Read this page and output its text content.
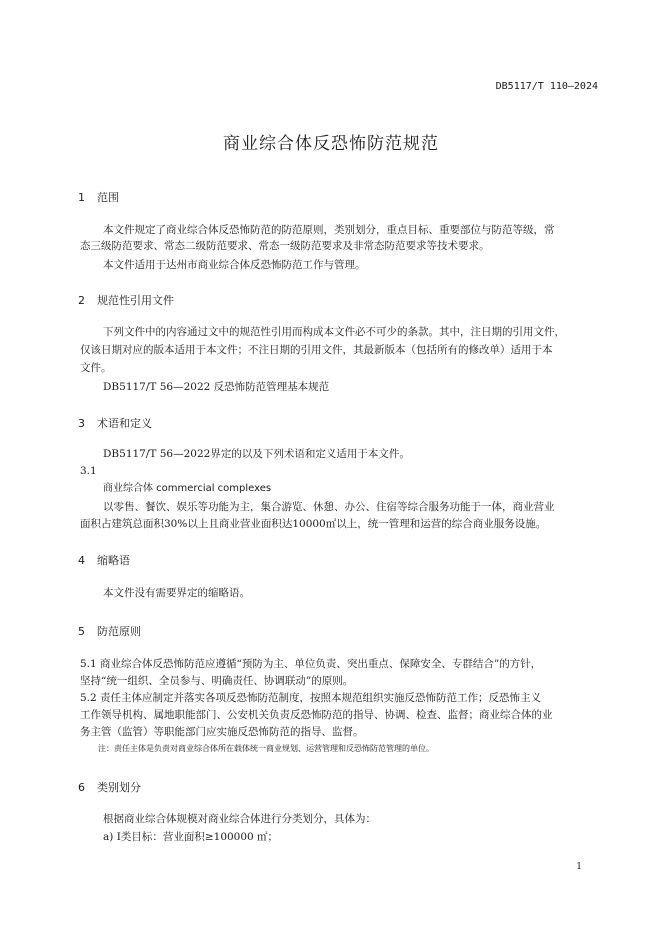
DB5117/T 110—2024
商业综合体反恐怖防范规范
1 范围
本文件规定了商业综合体反恐怖防范的防范原则，类别划分，重点目标、重要部位与防范等级，常
态三级防范要求、常态二级防范要求、常态一级防范要求及非常态防范要求等技术要求。
本文件适用于达州市商业综合体反恐怖防范工作与管理。
2 规范性引用文件
下列文件中的内容通过文中的规范性引用而构成本文件必不可少的条款。其中，注日期的引用文件，
仅该日期对应的版本适用于本文件；不注日期的引用文件，其最新版本（包括所有的修改单）适用于本
文件。
DB5117/T 56—2022 反恐怖防范管理基本规范
3 术语和定义
DB5117/T 56—2022界定的以及下列术语和定义适用于本文件。
3.1
商业综合体 commercial complexes
以零售、餐饮、娱乐等功能为主，集合游览、休憩、办公、住宿等综合服务功能于一体，商业营业
面积占建筑总面积30%以上且商业营业面积达10000㎡以上，统一管理和运营的综合商业服务设施。
4 缩略语
本文件没有需要界定的缩略语。
5 防范原则
5.1 商业综合体反恐怖防范应遵循“预防为主、单位负责、突出重点、保障安全、专群结合”的方针，
坚持“统一组织、全员参与、明确责任、协调联动”的原则。
5.2 责任主体应制定并落实各项反恐怖防范制度，按照本规范组织实施反恐怖防范工作；反恐怖主义
工作领导机构、属地职能部门、公安机关负责反恐怖防范的指导、协调、检查、监督；商业综合体的业
务主管（监管）等职能部门应实施反恐怖防范的指导、监督。
注：责任主体是负责对商业综合体所在载体统一商业规划、运营管理和反恐怖防范管理的单位。
6 类别划分
根据商业综合体规模对商业综合体进行分类划分，具体为：
a) Ⅰ类目标：营业面积≥100000 ㎡；
1
